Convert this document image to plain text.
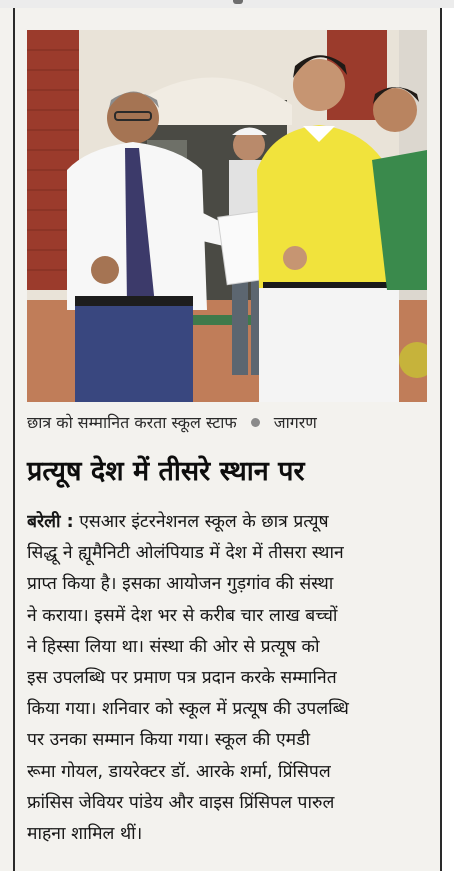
छात्र को सम्मानित करता स्कूल स्टाफ जागरण
प्रत्यूष देश में तीसरे स्थान पर
बरेली : एसआर इंटरनेशनल स्कूल के छात्र प्रत्यूष
सिद्धू ने ह्यूमैनिटी ओलंपियाड में देश में तीसरा स्थान
प्राप्त किया है। इसका आयोजन गुड़गांव की संस्था
ने कराया। इसमें देश भर से करीब चार लाख बच्चों
ने हिस्सा लिया था। संस्था की ओर से प्रत्यूष को
इस उपलब्धि पर प्रमाण पत्र प्रदान करके सम्मानित
किया गया। शनिवार को स्कूल में प्रत्यूष की उपलब्धि
पर उनका सम्मान किया गया। स्कूल की एमडी
रूमा गोयल, डायरेक्टर डॉ. आरके शर्मा, प्रिंसिपल
फ्रांसिस जेवियर पांडेय और वाइस प्रिंसिपल पारुल
माहना शामिल थीं।
